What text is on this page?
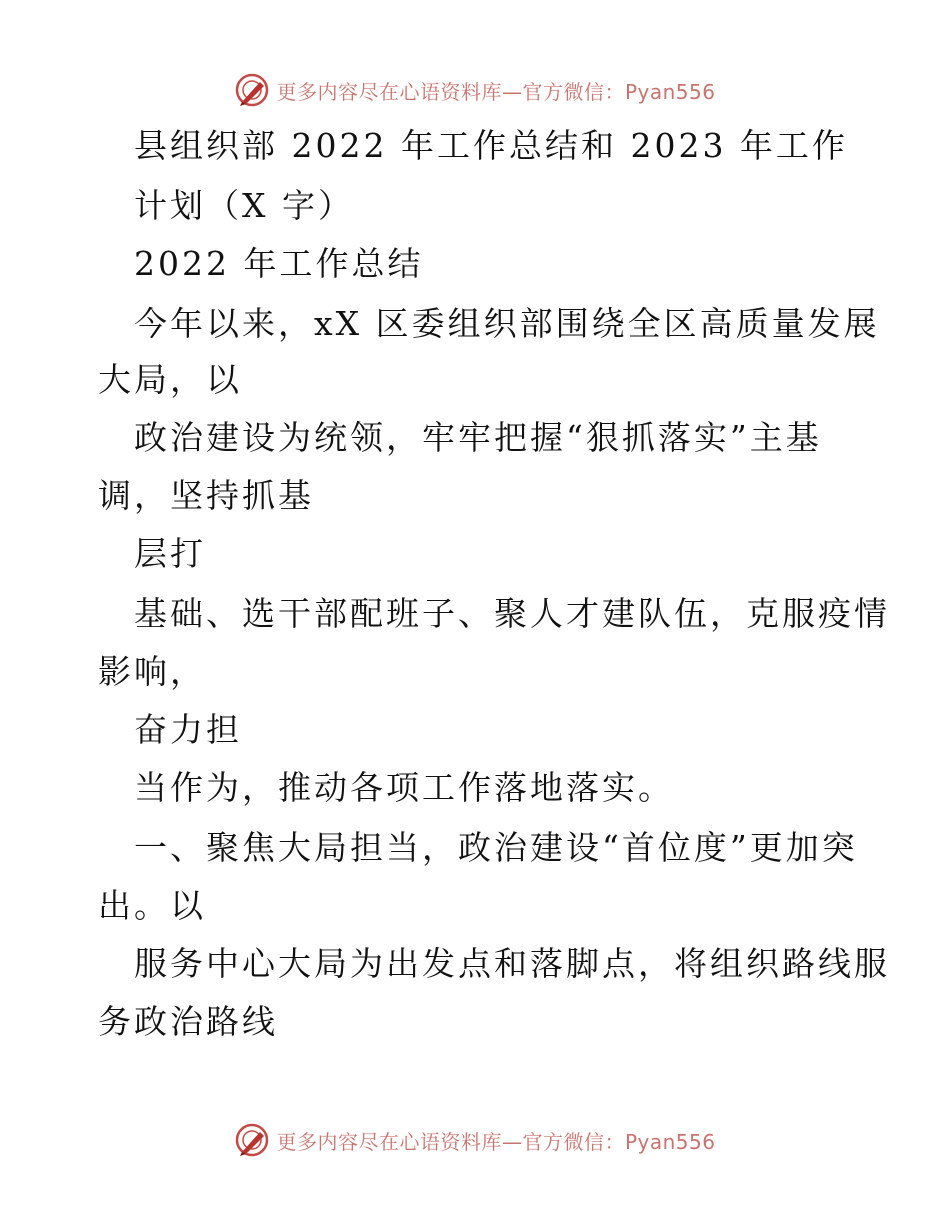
更多内容尽在心语资料库—官方微信：Pyan556
县组织部 2022 年工作总结和 2023 年工作
计划（X 字）
2022 年工作总结
今年以来，xX 区委组织部围绕全区高质量发展
大局，以
政治建设为统领，牢牢把握“狠抓落实”主基
调，坚持抓基
层打
基础、选干部配班子、聚人才建队伍，克服疫情
影响，
奋力担
当作为，推动各项工作落地落实。
一、聚焦大局担当，政治建设“首位度”更加突
出。以
服务中心大局为出发点和落脚点，将组织路线服
务政治路线
更多内容尽在心语资料库—官方微信：Pyan556
